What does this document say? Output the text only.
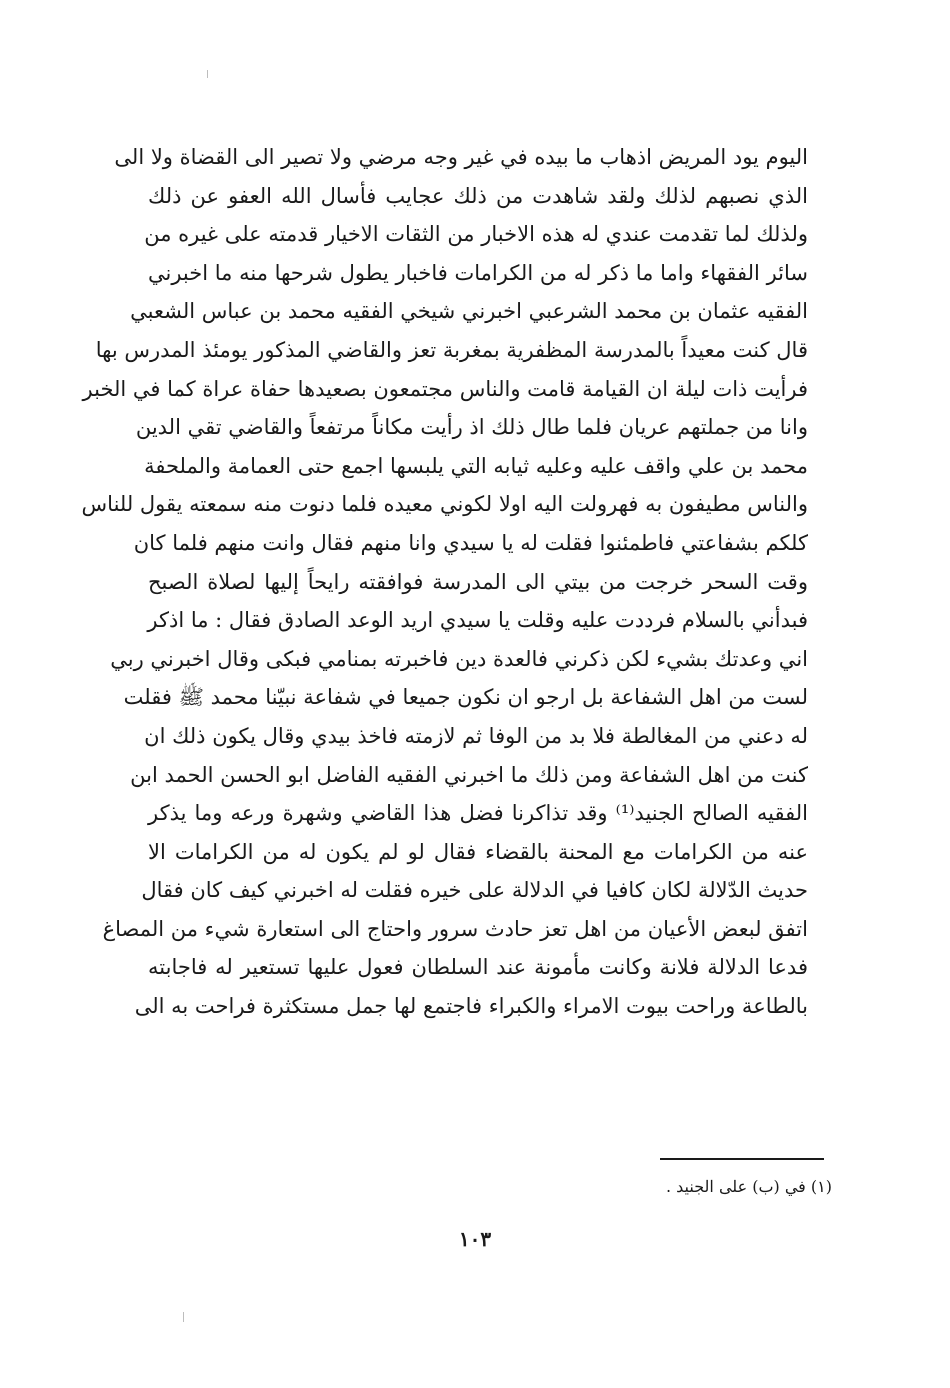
اليوم يود المريض اذهاب ما بيده في غير وجه مرضي ولا تصير الى القضاة ولا الى
الذي نصبهم لذلك ولقد شاهدت من ذلك عجايب فأسال الله العفو عن ذلك
ولذلك لما تقدمت عندي له هذه الاخبار من الثقات الاخيار قدمته على غيره من
سائر الفقهاء واما ما ذكر له من الكرامات فاخبار يطول شرحها منه ما اخبرني
الفقيه عثمان بن محمد الشرعبي اخبرني شيخي الفقيه محمد بن عباس الشعبي
قال كنت معيداً بالمدرسة المظفرية بمغربة تعز والقاضي المذكور يومئذ المدرس بها
فرأيت ذات ليلة ان القيامة قامت والناس مجتمعون بصعيدها حفاة عراة كما في الخبر
وانا من جملتهم عريان فلما طال ذلك اذ رأيت مكاناً مرتفعاً والقاضي تقي الدين
محمد بن علي واقف عليه وعليه ثيابه التي يلبسها اجمع حتى العمامة والملحفة
والناس مطيفون به فهرولت اليه اولا لكوني معيده فلما دنوت منه سمعته يقول للناس
كلكم بشفاعتي فاطمئنوا فقلت له يا سيدي وانا منهم فقال وانت منهم فلما كان
وقت السحر خرجت من بيتي الى المدرسة فوافقته رايحاً إليها لصلاة الصبح
فبدأني بالسلام فرددت عليه وقلت يا سيدي اريد الوعد الصادق فقال : ما اذكر
اني وعدتك بشيء لكن ذكرني فالعدة دين فاخبرته بمنامي فبكى وقال اخبرني ربي
لست من اهل الشفاعة بل ارجو ان نكون جميعا في شفاعة نبيّنا محمد ﷺ فقلت
له دعني من المغالطة فلا بد من الوفا ثم لازمته فاخذ بيدي وقال يكون ذلك ان
كنت من اهل الشفاعة ومن ذلك ما اخبرني الفقيه الفاضل ابو الحسن الحمد ابن
الفقيه الصالح الجنيد⁽¹⁾ وقد تذاكرنا فضل هذا القاضي وشهرة ورعه وما يذكر
عنه من الكرامات مع المحنة بالقضاء فقال لو لم يكون له من الكرامات الا
حديث الدّلالة لكان كافيا في الدلالة على خيره فقلت له اخبرني كيف كان فقال
اتفق لبعض الأعيان من اهل تعز حادث سرور واحتاج الى استعارة شيء من المصاغ
فدعا الدلالة فلانة وكانت مأمونة عند السلطان فعول عليها تستعير له فاجابته
بالطاعة وراحت بيوت الامراء والكبراء فاجتمع لها جمل مستكثرة فراحت به الى
(١) في (ب) على الجنيد .
١٠٣
